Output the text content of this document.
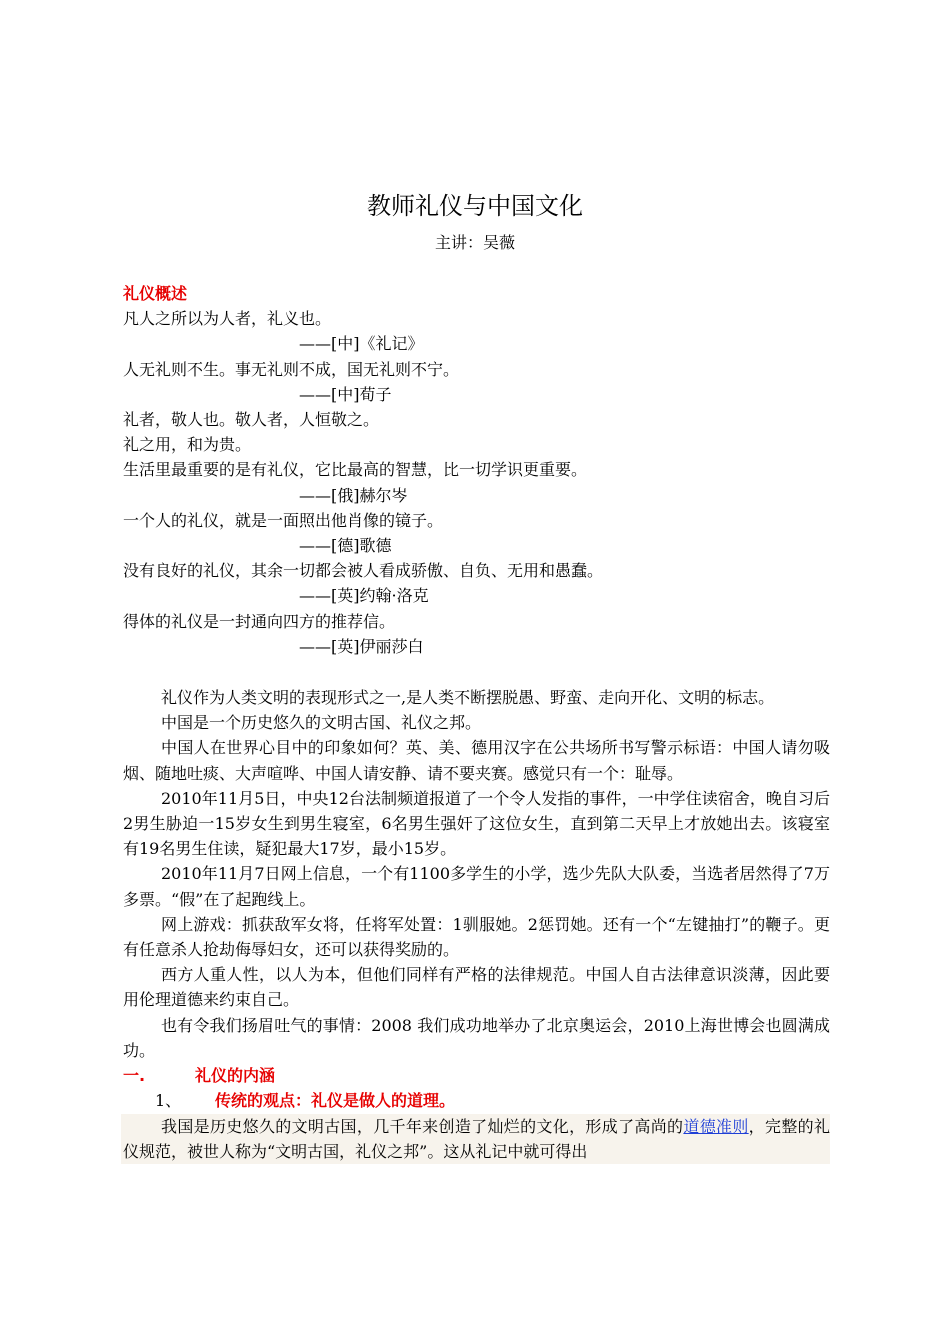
教师礼仪与中国文化
主讲：吴薇

礼仪概述

凡人之所以为人者，礼义也。

——[中]《礼记》

人无礼则不生。事无礼则不成，国无礼则不宁。

——[中]荀子

礼者，敬人也。敬人者，人恒敬之。

礼之用，和为贵。

生活里最重要的是有礼仪，它比最高的智慧，比一切学识更重要。

——[俄]赫尔岑

一个人的礼仪，就是一面照出他肖像的镜子。

——[德]歌德

没有良好的礼仪，其余一切都会被人看成骄傲、自负、无用和愚蠢。

——[英]约翰·洛克

得体的礼仪是一封通向四方的推荐信。

——[英]伊丽莎白

礼仪作为人类文明的表现形式之一,是人类不断摆脱愚、野蛮、走向开化、文明的标志。

中国是一个历史悠久的文明古国、礼仪之邦。

中国人在世界心目中的印象如何？英、美、德用汉字在公共场所书写警示标语：中国人请勿吸烟、随地吐痰、大声喧哗、中国人请安静、请不要夹赛。感觉只有一个：耻辱。

2010年11月5日，中央12台法制频道报道了一个令人发指的事件，一中学住读宿舍，晚自习后2男生胁迫一15岁女生到男生寝室，6名男生强奸了这位女生，直到第二天早上才放她出去。该寝室有19名男生住读，疑犯最大17岁，最小15岁。

2010年11月7日网上信息，一个有1100多学生的小学，选少先队大队委，当选者居然得了7万多票。“假”在了起跑线上。

网上游戏：抓获敌军女将，任将军处置：1驯服她。2惩罚她。还有一个“左键抽打”的鞭子。更有任意杀人抢劫侮辱妇女，还可以获得奖励的。

西方人重人性，以人为本，但他们同样有严格的法律规范。中国人自古法律意识淡薄，因此要用伦理道德来约束自己。

也有令我们扬眉吐气的事情：2008 我们成功地举办了北京奥运会，2010上海世博会也圆满成功。

一.	礼仪的内涵

1、 传统的观点：礼仪是做人的道理。

我国是历史悠久的文明古国，几千年来创造了灿烂的文化，形成了高尚的道德准则，完整的礼仪规范，被世人称为“文明古国，礼仪之邦”。这从礼记中就可得出
